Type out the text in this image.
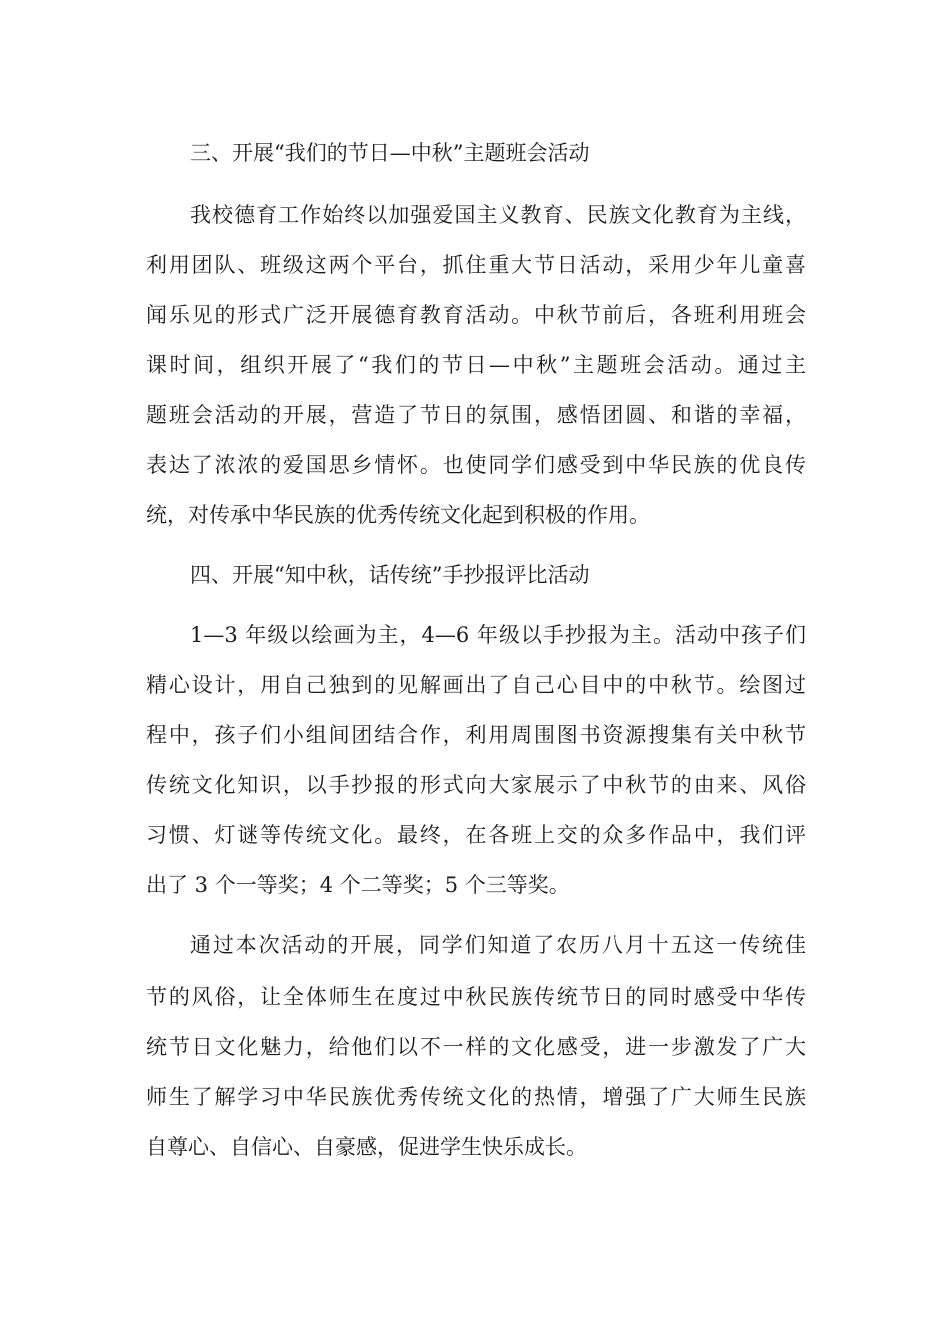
三、开展“我们的节日—中秋”主题班会活动
我校德育工作始终以加强爱国主义教育、民族文化教育为主线，
利用团队、班级这两个平台，抓住重大节日活动，采用少年儿童喜
闻乐见的形式广泛开展德育教育活动。中秋节前后，各班利用班会
课时间，组织开展了“我们的节日—中秋”主题班会活动。通过主
题班会活动的开展，营造了节日的氛围，感悟团圆、和谐的幸福，
表达了浓浓的爱国思乡情怀。也使同学们感受到中华民族的优良传
统，对传承中华民族的优秀传统文化起到积极的作用。
四、开展“知中秋，话传统”手抄报评比活动
1—3 年级以绘画为主，4—6 年级以手抄报为主。活动中孩子们
精心设计，用自己独到的见解画出了自己心目中的中秋节。绘图过
程中，孩子们小组间团结合作，利用周围图书资源搜集有关中秋节
传统文化知识，以手抄报的形式向大家展示了中秋节的由来、风俗
习惯、灯谜等传统文化。最终，在各班上交的众多作品中，我们评
出了 3 个一等奖；4 个二等奖；5 个三等奖。
通过本次活动的开展，同学们知道了农历八月十五这一传统佳
节的风俗，让全体师生在度过中秋民族传统节日的同时感受中华传
统节日文化魅力，给他们以不一样的文化感受，进一步激发了广大
师生了解学习中华民族优秀传统文化的热情，增强了广大师生民族
自尊心、自信心、自豪感，促进学生快乐成长。
